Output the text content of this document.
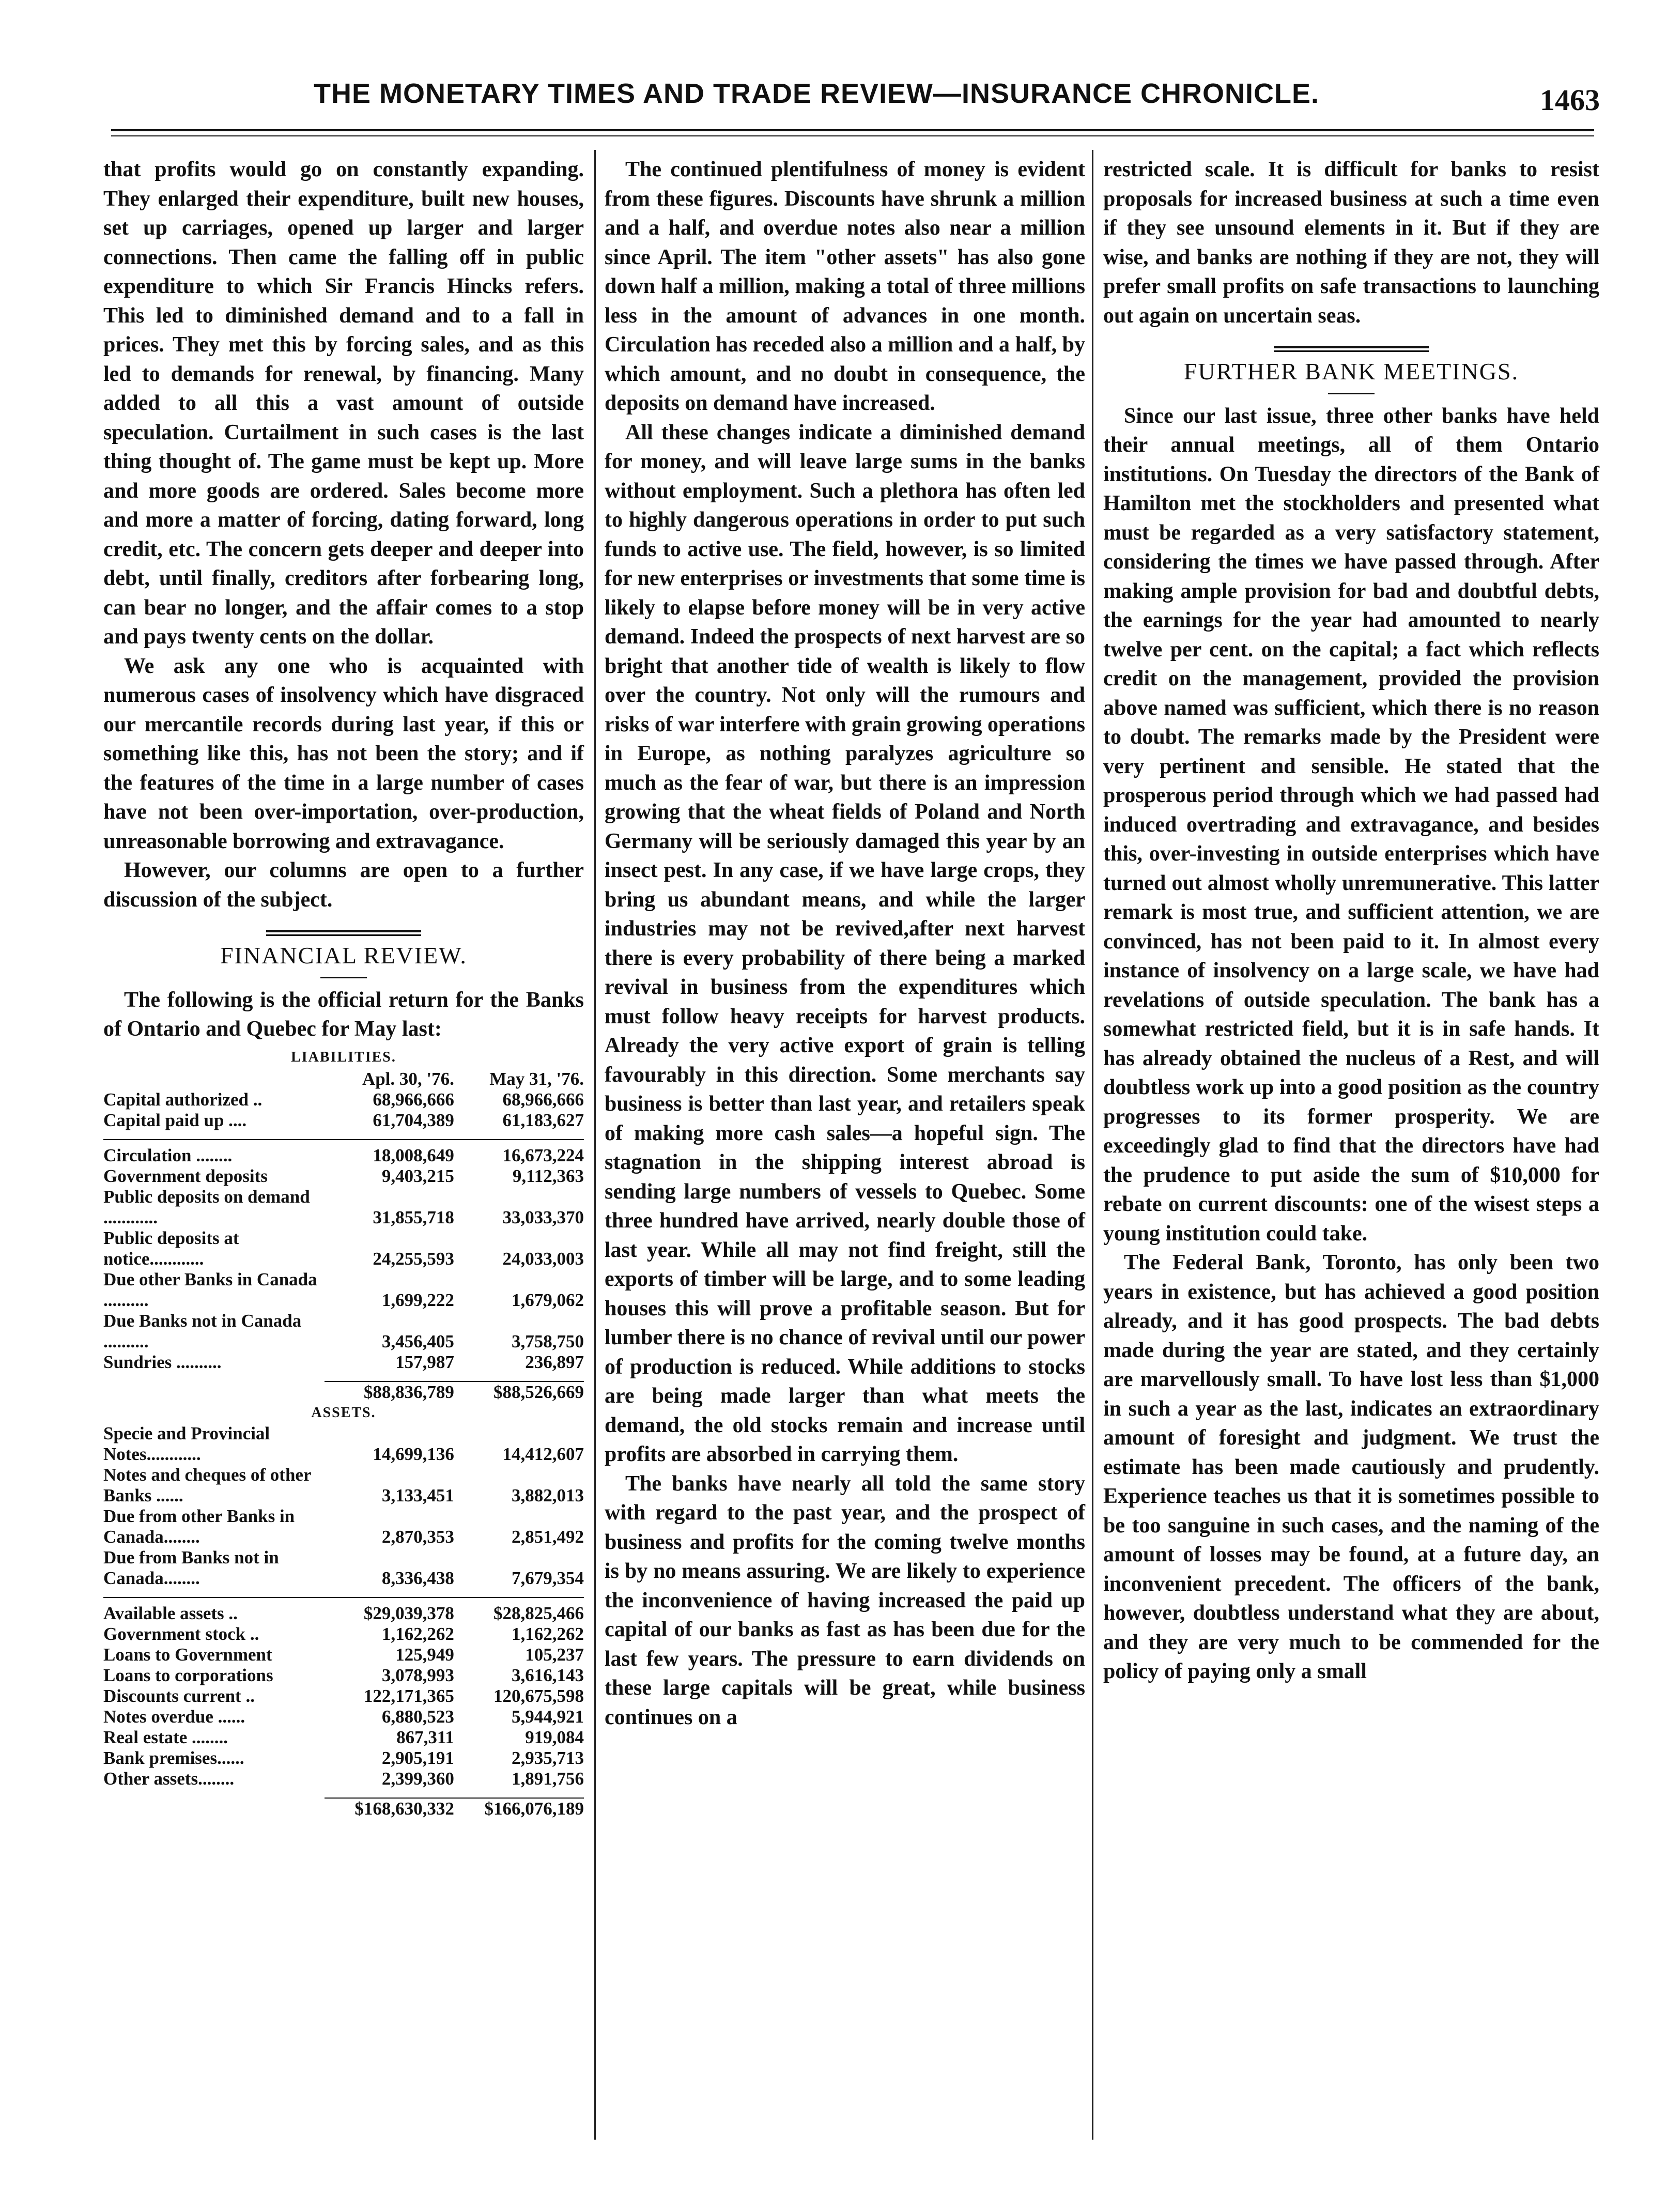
THE MONETARY TIMES AND TRADE REVIEW—INSURANCE CHRONICLE.	1463

that profits would go on constantly expanding. They enlarged their expenditure, built new houses, set up carriages, opened up larger and larger connections. Then came the falling off in public expenditure to which Sir Francis Hincks refers. This led to diminished demand and to a fall in prices. They met this by forcing sales, and as this led to demands for renewal, by financing. Many added to all this a vast amount of outside speculation. Curtailment in such cases is the last thing thought of. The game must be kept up. More and more goods are ordered. Sales become more and more a matter of forcing, dating forward, long credit, etc. The concern gets deeper and deeper into debt, until finally, creditors after forbearing long, can bear no longer, and the affair comes to a stop and pays twenty cents on the dollar.

We ask any one who is acquainted with numerous cases of insolvency which have disgraced our mercantile records during last year, if this or something like this, has not been the story; and if the features of the time in a large number of cases have not been over-importation, over-production, unreasonable borrowing and extravagance.

However, our columns are open to a further discussion of the subject.

FINANCIAL REVIEW.

The following is the official return for the Banks of Ontario and Quebec for May last:

LIABILITIES.
	Apl. 30, '76.	May 31, '76.
Capital authorized ..	68,966,666	68,966,666
Capital paid up ....	61,704,389	61,183,627

Circulation ........	18,008,649	16,673,224
Government deposits	9,403,215	9,112,363
Public deposits on demand ............	31,855,718	33,033,370
Public deposits at notice............	24,255,593	24,033,003
Due other Banks in Canada ..........	1,699,222	1,679,062
Due Banks not in Canada ..........	3,456,405	3,758,750
Sundries ..........	157,987	236,897

	$88,836,789	$88,526,669
ASSETS.		
Specie and Provincial Notes............	14,699,136	14,412,607
Notes and cheques of other Banks ......	3,133,451	3,882,013
Due from other Banks in Canada........	2,870,353	2,851,492
Due from Banks not in Canada........	8,336,438	7,679,354

Available assets ..	$29,039,378	$28,825,466
Government stock ..	1,162,262	1,162,262
Loans to Government	125,949	105,237
Loans to corporations	3,078,993	3,616,143
Discounts current ..	122,171,365	120,675,598
Notes overdue ......	6,880,523	5,944,921
Real estate ........	867,311	919,084
Bank premises......	2,905,191	2,935,713
Other assets........	2,399,360	1,891,756

	$168,630,332	$166,076,189

The continued plentifulness of money is evident from these figures. Discounts have shrunk a million and a half, and overdue notes also near a million since April. The item "other assets" has also gone down half a million, making a total of three millions less in the amount of advances in one month. Circulation has receded also a million and a half, by which amount, and no doubt in consequence, the deposits on demand have increased.

All these changes indicate a diminished demand for money, and will leave large sums in the banks without employment. Such a plethora has often led to highly dangerous operations in order to put such funds to active use. The field, however, is so limited for new enterprises or investments that some time is likely to elapse before money will be in very active demand. Indeed the prospects of next harvest are so bright that another tide of wealth is likely to flow over the country. Not only will the rumours and risks of war interfere with grain growing operations in Europe, as nothing paralyzes agriculture so much as the fear of war, but there is an impression growing that the wheat fields of Poland and North Germany will be seriously damaged this year by an insect pest. In any case, if we have large crops, they bring us abundant means, and while the larger industries may not be revived,after next harvest there is every probability of there being a marked revival in business from the expenditures which must follow heavy receipts for harvest products. Already the very active export of grain is telling favourably in this direction. Some merchants say business is better than last year, and retailers speak of making more cash sales—a hopeful sign. The stagnation in the shipping interest abroad is sending large numbers of vessels to Quebec. Some three hundred have arrived, nearly double those of last year. While all may not find freight, still the exports of timber will be large, and to some leading houses this will prove a profitable season. But for lumber there is no chance of revival until our power of production is reduced. While additions to stocks are being made larger than what meets the demand, the old stocks remain and increase until profits are absorbed in carrying them.

The banks have nearly all told the same story with regard to the past year, and the prospect of business and profits for the coming twelve months is by no means assuring. We are likely to experience the inconvenience of having increased the paid up capital of our banks as fast as has been due for the last few years. The pressure to earn dividends on these large capitals will be great, while business continues on a

restricted scale. It is difficult for banks to resist proposals for increased business at such a time even if they see unsound elements in it. But if they are wise, and banks are nothing if they are not, they will prefer small profits on safe transactions to launching out again on uncertain seas.

FURTHER BANK MEETINGS.

Since our last issue, three other banks have held their annual meetings, all of them Ontario institutions. On Tuesday the directors of the Bank of Hamilton met the stockholders and presented what must be regarded as a very satisfactory statement, considering the times we have passed through. After making ample provision for bad and doubtful debts, the earnings for the year had amounted to nearly twelve per cent. on the capital; a fact which reflects credit on the management, provided the provision above named was sufficient, which there is no reason to doubt. The remarks made by the President were very pertinent and sensible. He stated that the prosperous period through which we had passed had induced overtrading and extravagance, and besides this, over-investing in outside enterprises which have turned out almost wholly unremunerative. This latter remark is most true, and sufficient attention, we are convinced, has not been paid to it. In almost every instance of insolvency on a large scale, we have had revelations of outside speculation. The bank has a somewhat restricted field, but it is in safe hands. It has already obtained the nucleus of a Rest, and will doubtless work up into a good position as the country progresses to its former prosperity. We are exceedingly glad to find that the directors have had the prudence to put aside the sum of $10,000 for rebate on current discounts: one of the wisest steps a young institution could take.

The Federal Bank, Toronto, has only been two years in existence, but has achieved a good position already, and it has good prospects. The bad debts made during the year are stated, and they certainly are marvellously small. To have lost less than $1,000 in such a year as the last, indicates an extraordinary amount of foresight and judgment. We trust the estimate has been made cautiously and prudently. Experience teaches us that it is sometimes possible to be too sanguine in such cases, and the naming of the amount of losses may be found, at a future day, an inconvenient precedent. The officers of the bank, however, doubtless understand what they are about, and they are very much to be commended for the policy of paying only a small
